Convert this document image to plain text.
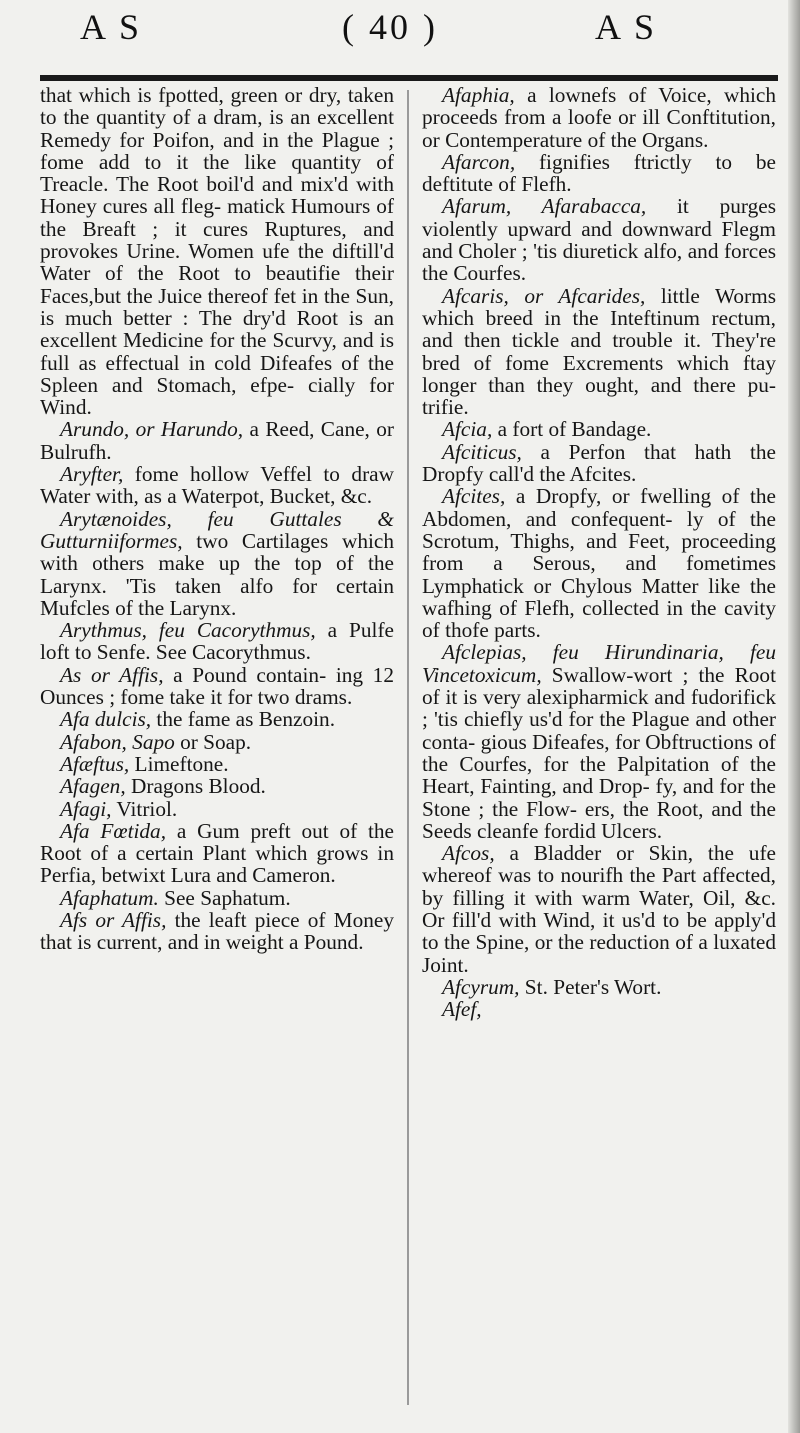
A S	( 40 )	A S

that which is fpotted, green or dry, taken to the quantity of a dram, is an excellent Remedy for Poifon, and in the Plague ; fome add to it the like quantity of Treacle. The Root boil'd and mix'd with Honey cures all fleg- matick Humours of the Breaft ; it cures Ruptures, and provokes Urine. Women ufe the diftill'd Water of the Root to beautifie their Faces,but the Juice thereof fet in the Sun, is much better : The dry'd Root is an excellent Medicine for the Scurvy, and is full as effectual in cold Difeafes of the Spleen and Stomach, efpe- cially for Wind.

Arundo, or Harundo, a Reed, Cane, or Bulrufh.

Aryfter, fome hollow Veffel to draw Water with, as a Waterpot, Bucket, &c.

Arytænoides, feu Guttales & Gutturniiformes, two Cartilages which with others make up the top of the Larynx. 'Tis taken alfo for certain Mufcles of the Larynx.

Arythmus, feu Cacorythmus, a Pulfe loft to Senfe. See Cacorythmus.

As or Affis, a Pound contain- ing 12 Ounces ; fome take it for two drams.

Afa dulcis, the fame as Benzoin.

Afabon, Sapo or Soap.

Afæftus, Limeftone.

Afagen, Dragons Blood.

Afagi, Vitriol.

Afa Fœtida, a Gum preft out of the Root of a certain Plant which grows in Perfia, betwixt Lura and Cameron.

Afaphatum. See Saphatum.

Afs or Affis, the leaft piece of Money that is current, and in weight a Pound.

Afaphia, a lownefs of Voice, which proceeds from a loofe or ill Conftitution, or Contemperature of the Organs.

Afarcon, fignifies ftrictly to be deftitute of Flefh.

Afarum, Afarabacca, it purges violently upward and downward Flegm and Choler ; 'tis diuretick alfo, and forces the Courfes.

Afcaris, or Afcarides, little Worms which breed in the Inteftinum rectum, and then tickle and trouble it. They're bred of fome Excrements which ftay longer than they ought, and there pu- trifie.

Afcia, a fort of Bandage.

Afciticus, a Perfon that hath the Dropfy call'd the Afcites.

Afcites, a Dropfy, or fwelling of the Abdomen, and confequent- ly of the Scrotum, Thighs, and Feet, proceeding from a Serous, and fometimes Lymphatick or Chylous Matter like the wafhing of Flefh, collected in the cavity of thofe parts.

Afclepias, feu Hirundinaria, feu Vincetoxicum, Swallow-wort ; the Root of it is very alexipharmick and fudorifick ; 'tis chiefly us'd for the Plague and other conta- gious Difeafes, for Obftructions of the Courfes, for the Palpitation of the Heart, Fainting, and Drop- fy, and for the Stone ; the Flow- ers, the Root, and the Seeds cleanfe fordid Ulcers.

Afcos, a Bladder or Skin, the ufe whereof was to nourifh the Part affected, by filling it with warm Water, Oil, &c. Or fill'd with Wind, it us'd to be apply'd to the Spine, or the reduction of a luxated Joint.

Afcyrum, St. Peter's Wort.

Afef,
